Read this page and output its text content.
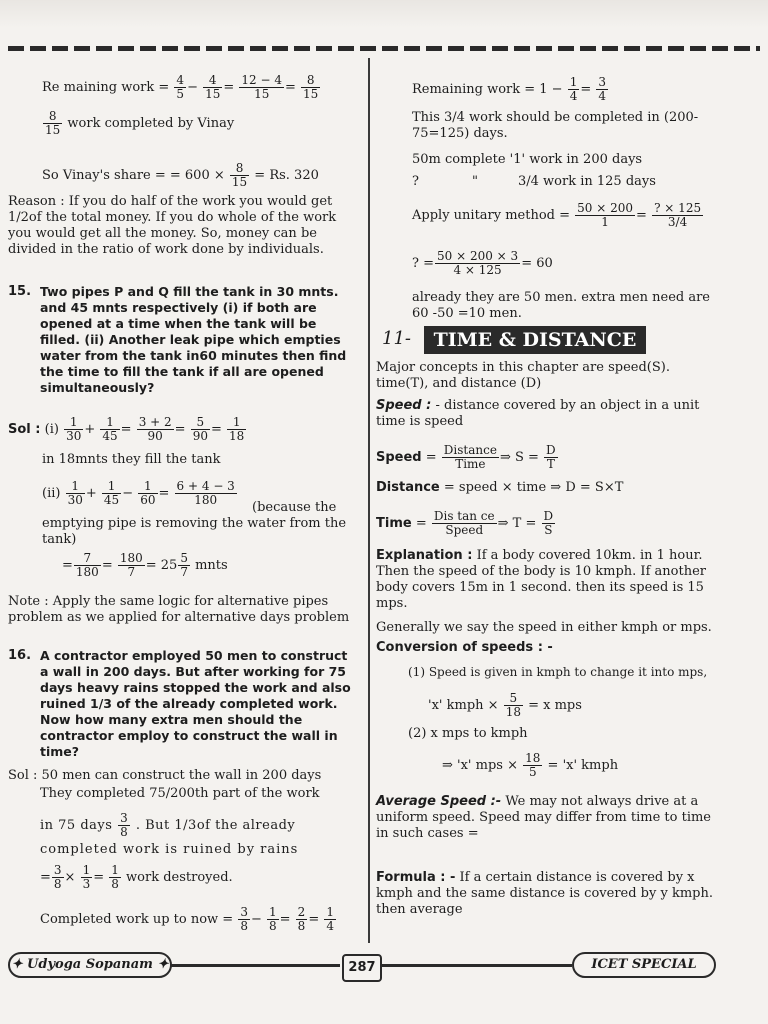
Re maining work = $\frac{4}{5} - \frac{4}{15} = \frac{12 - 4}{15} = \frac{8}{15}$
$\frac{8}{15}$ work completed by Vinay
So Vinay's share = = $600 \times \frac{8}{15} = Rs$. 320
Reason : If you do half of the work you would get 1/2of the total money. If you do whole of the work you would get all the money. So, money can be divided in the ratio of work done by individuals.
15. Two pipes P and Q fill the tank in 30 mnts. and 45 mnts respectively (i) if both are opened at a time when the tank will be filled. (ii) Another leak pipe which empties water from the tank in60 minutes then find the time to fill the tank if all are opened simultaneously?
Sol : $(i) \frac{1}{30} + \frac{1}{45} = \frac{3 + 2}{90} = \frac{5}{90} = \frac{1}{18}$
in 18mnts they fill the tank
$(ii) \frac{1}{30} + \frac{1}{45} - \frac{1}{60} = \frac{6 + 4 - 3}{180}$
(because the emptying pipe is removing the water from the tank)
= $\frac{7}{180} = \frac{180}{7} = 25 \frac{5}{7}$ mnts
Note : Apply the same logic for alternative pipes problem as we applied for alternative days problem
16. A contractor employed 50 men to construct a wall in 200 days. But after working for 75 days heavy rains stopped the work and also ruined 1/3 of the already completed work. Now how many extra men should the contractor employ to construct the wall in time?
Sol : 50 men can construct the wall in 200 days
They completed 75/200th part of the work
in 75 days $\frac{3}{8}$ . But 1/3of the already
completed work is ruined by rains
= $\frac{3}{8} \times \frac{1}{3} = \frac{1}{8}$ work destroyed.
Completed work up to now = $\frac{3}{8} - \frac{1}{8} = \frac{2}{8} = \frac{1}{4}$
Remaining work = $1 - \frac{1}{4} = \frac{3}{4}$
This 3/4 work should be completed in (200-75=125) days.
50m complete '1' work in 200 days
?	"	3/4 work in 125 days
Apply unitary method = $\frac{50 \times 200}{1} = \frac{? \times 125}{3/4}$
? = $\frac{50 \times 200 \times 3}{4 \times 125} = 60$
already they are 50 men. extra men need are 60 -50 =10 men.
11-	TIME & DISTANCE
Major concepts in this chapter are speed(S). time(T), and distance (D)
Speed : - distance covered by an object in a unit time is speed
Speed = $\frac{\text{Distance}}{\text{Time}}$ ⇒ $S = \frac{D}{T}$
Distance = speed × time ⇒ D = S×T
Time = $\frac{\text{Dis tan ce}}{\text{Speed}}$ ⇒ $T = \frac{D}{S}$
Explanation : If a body covered 10km. in 1 hour. Then the speed of the body is 10 kmph. If another body covers 15m in 1 second. then its speed is 15 mps.
Generally we say the speed in either kmph or mps.
Conversion of speeds : -
(1) Speed is given in kmph to change it into mps,
'x' kmph × $\frac{5}{18} = x$ mps
(2) x mps to kmph
⇒ 'x' mps × $\frac{18}{5}$ = 'x' kmph
Average Speed :- We may not always drive at a uniform speed. Speed may differ from time to time in such cases =
Formula : - If a certain distance is covered by x kmph and the same distance is covered by y kmph. then average
✦ Udyoga Sopanam ✦	287	ICET SPECIAL
